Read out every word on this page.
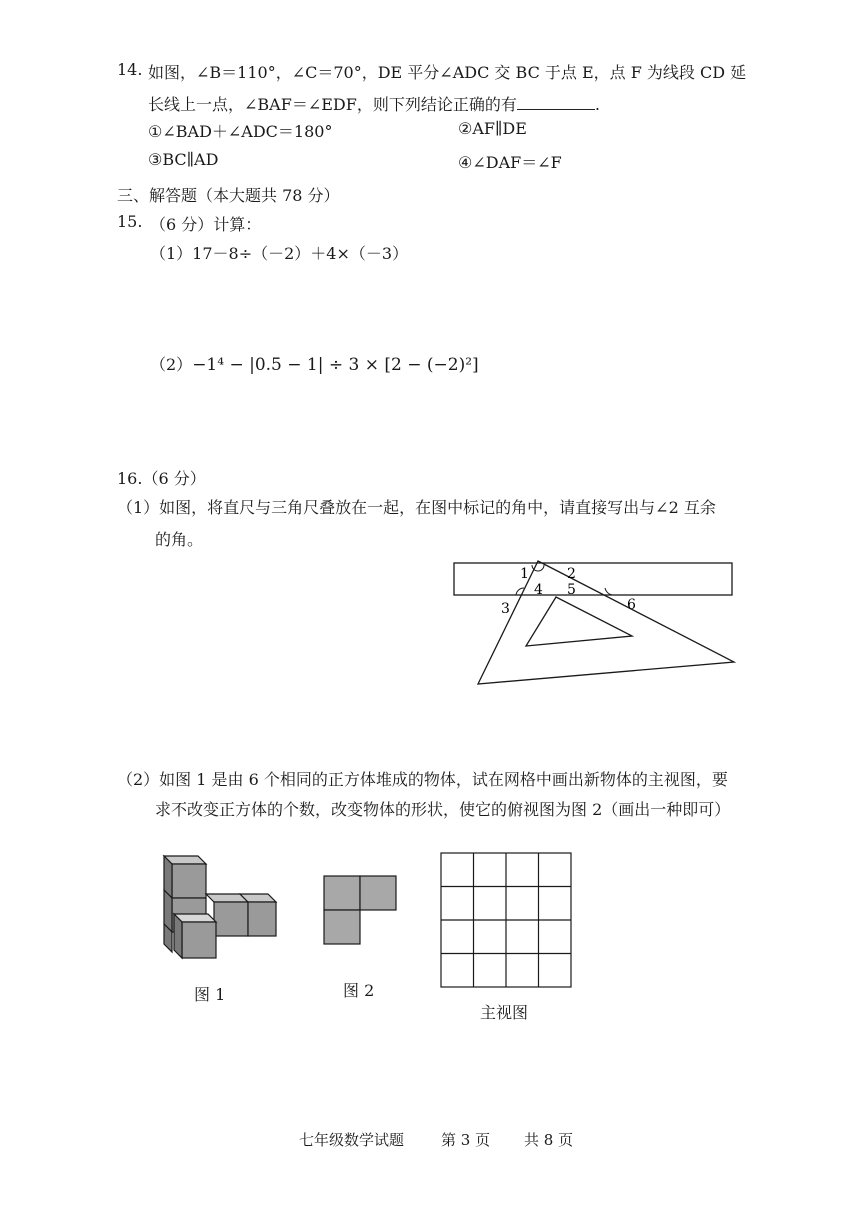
14. 如图，∠B＝110°，∠C＝70°，DE 平分∠ADC 交 BC 于点 E，点 F 为线段 CD 延
长线上一点，∠BAF＝∠EDF，则下列结论正确的有	.
①∠BAD＋∠ADC＝180°	②AF∥DE
③BC∥AD	④∠DAF＝∠F
三、解答题（本大题共 78 分）
15. （6 分）计算：
（1）17－8÷（－2）＋4×（－3）
（2）−1⁴ − |0.5 − 1| ÷ 3 × [2 − (−2)²]
16.（6 分）
（1）如图，将直尺与三角尺叠放在一起，在图中标记的角中，请直接写出与∠2 互余
的角。
1	2
3
4 5
6
（2）如图 1 是由 6 个相同的正方体堆成的物体，试在网格中画出新物体的主视图，要
求不改变正方体的个数，改变物体的形状，使它的俯视图为图 2（画出一种即可）
图 1	图 2
主视图
七年级数学试题 第 3 页 共 8 页
